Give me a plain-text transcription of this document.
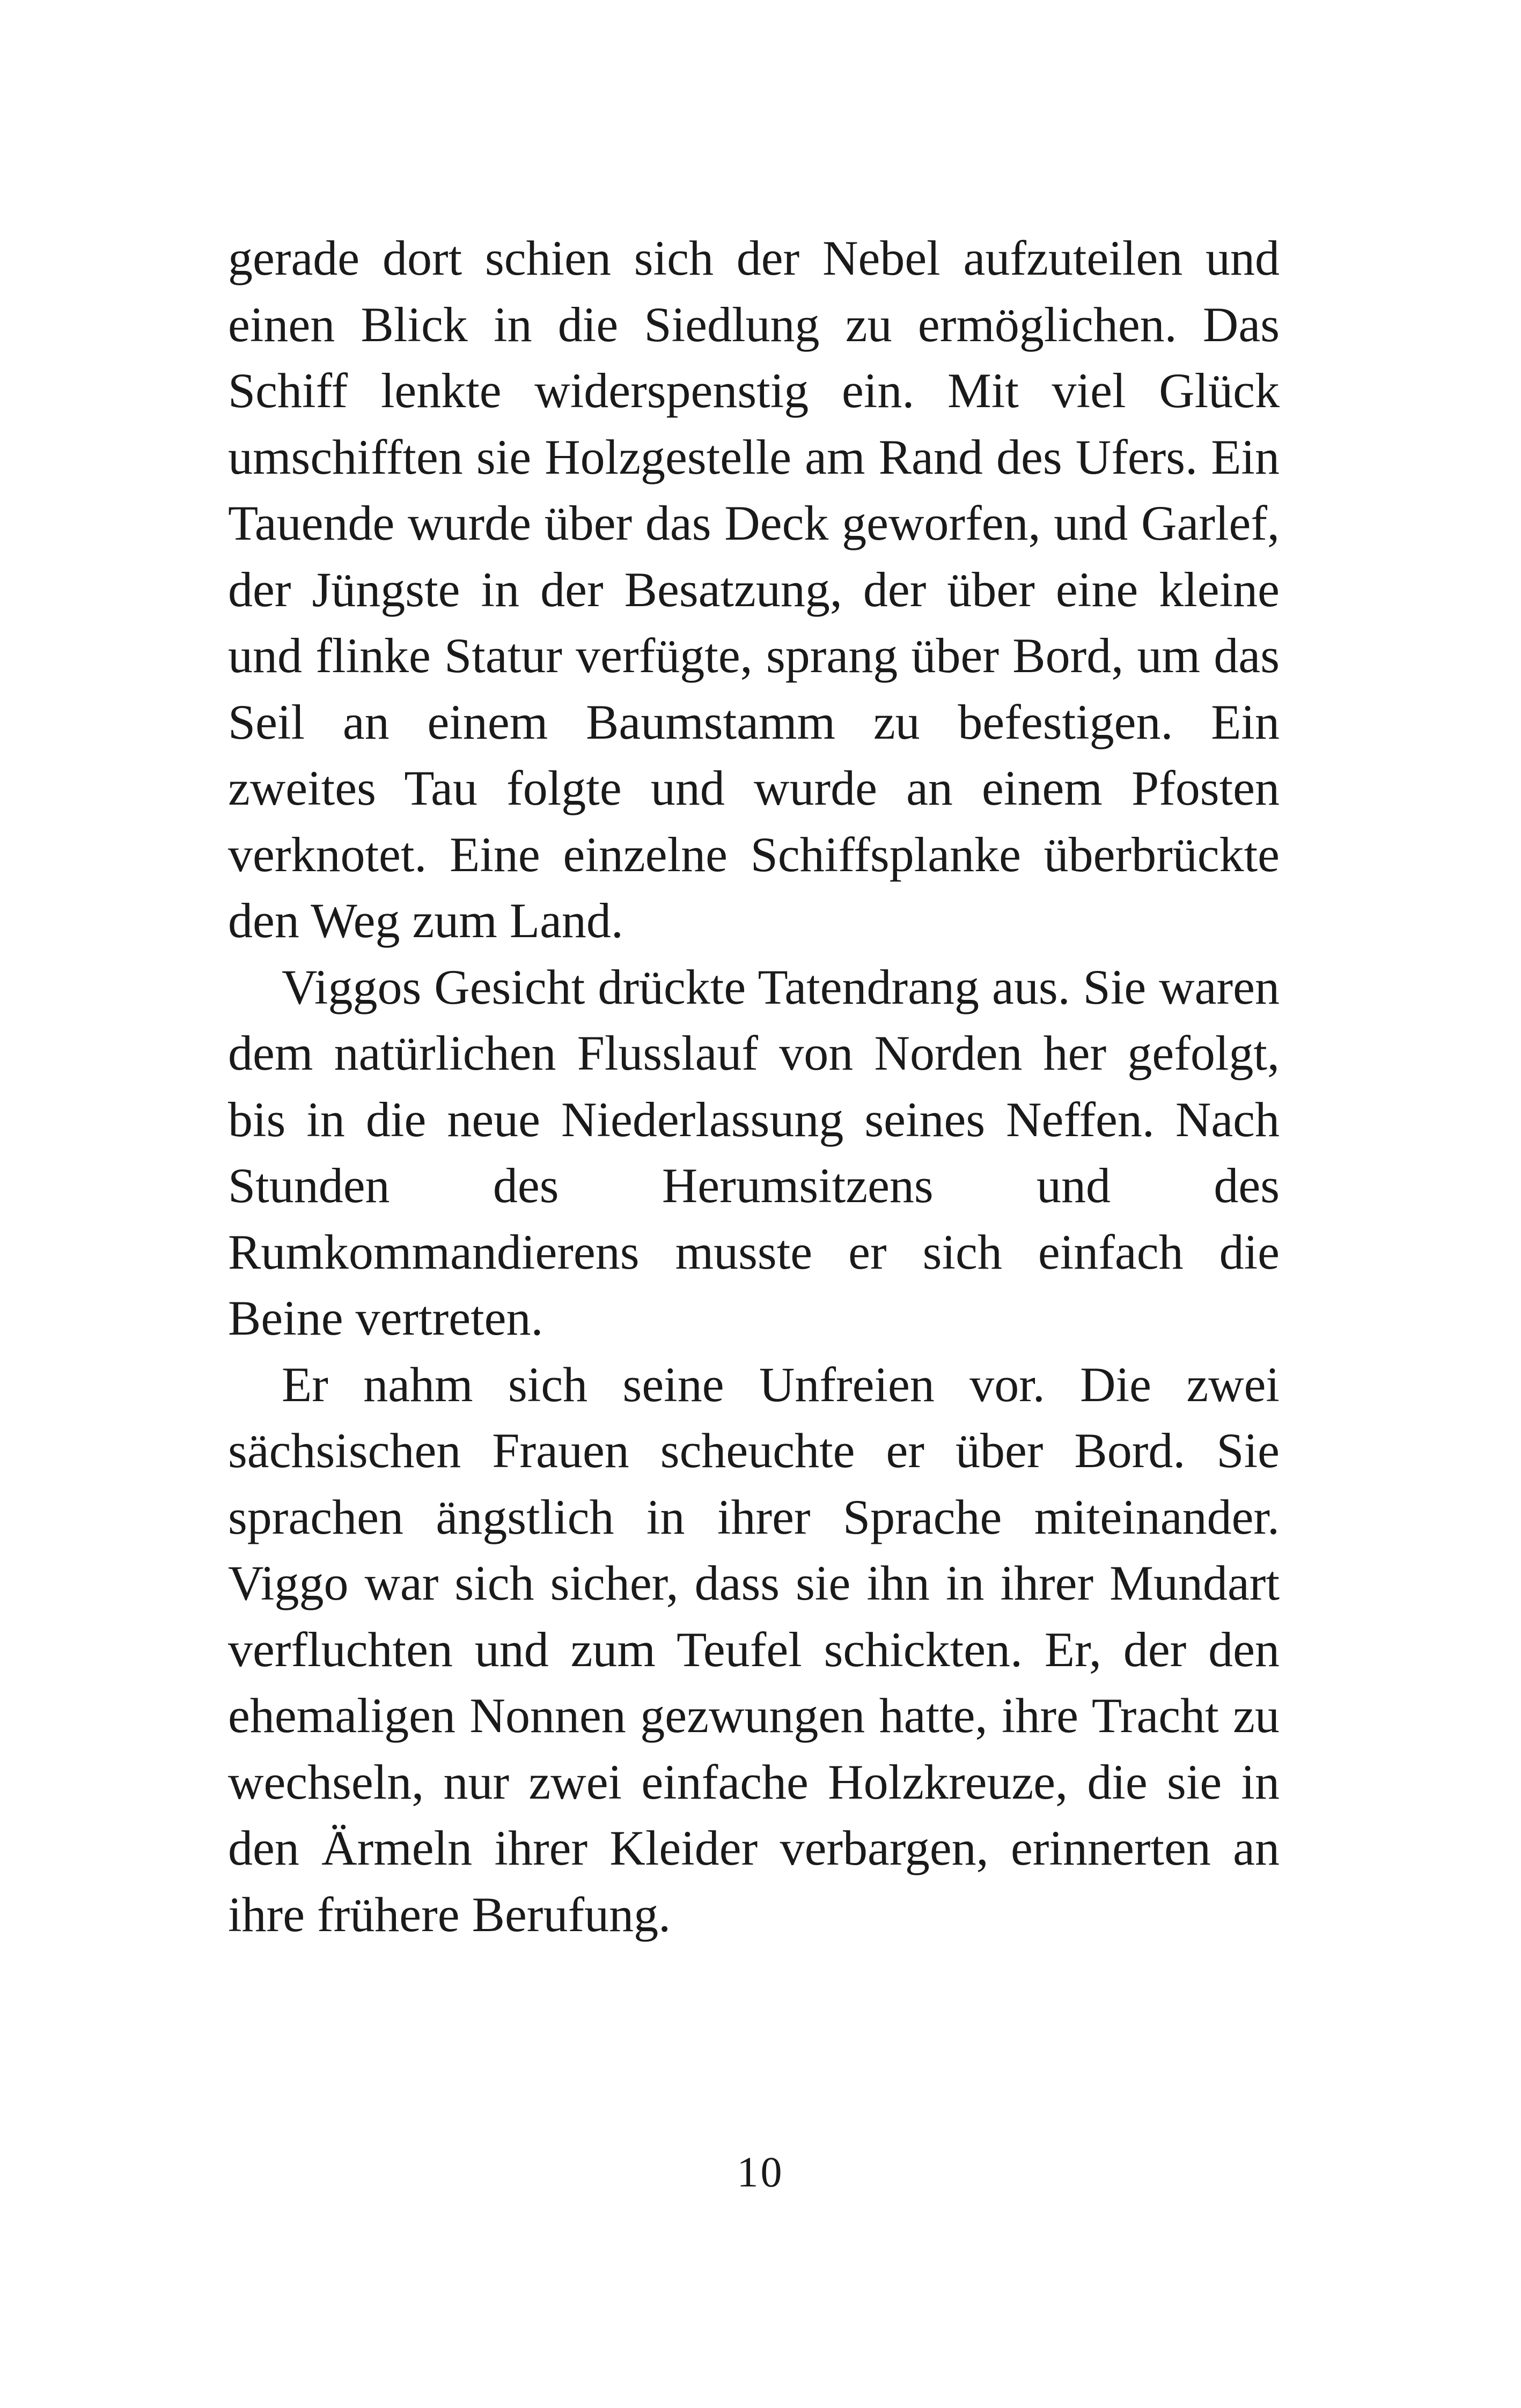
gerade dort schien sich der Nebel aufzuteilen und einen Blick in die Siedlung zu ermöglichen. Das Schiff lenkte widerspenstig ein. Mit viel Glück umschifften sie Holzgestelle am Rand des Ufers. Ein Tauende wurde über das Deck geworfen, und Garlef, der Jüngste in der Besatzung, der über eine kleine und flinke Statur verfügte, sprang über Bord, um das Seil an einem Baumstamm zu befestigen. Ein zweites Tau folgte und wurde an einem Pfosten verknotet. Eine einzelne Schiffsplanke überbrückte den Weg zum Land.

Viggos Gesicht drückte Tatendrang aus. Sie waren dem natürlichen Flusslauf von Norden her gefolgt, bis in die neue Niederlassung seines Neffen. Nach Stunden des Herumsitzens und des Rumkommandierens musste er sich einfach die Beine vertreten.

Er nahm sich seine Unfreien vor. Die zwei sächsischen Frauen scheuchte er über Bord. Sie sprachen ängstlich in ihrer Sprache miteinander. Viggo war sich sicher, dass sie ihn in ihrer Mundart verfluchten und zum Teufel schickten. Er, der den ehemaligen Nonnen gezwungen hatte, ihre Tracht zu wechseln, nur zwei einfache Holzkreuze, die sie in den Ärmeln ihrer Kleider verbargen, erinnerten an ihre frühere Berufung.

10
